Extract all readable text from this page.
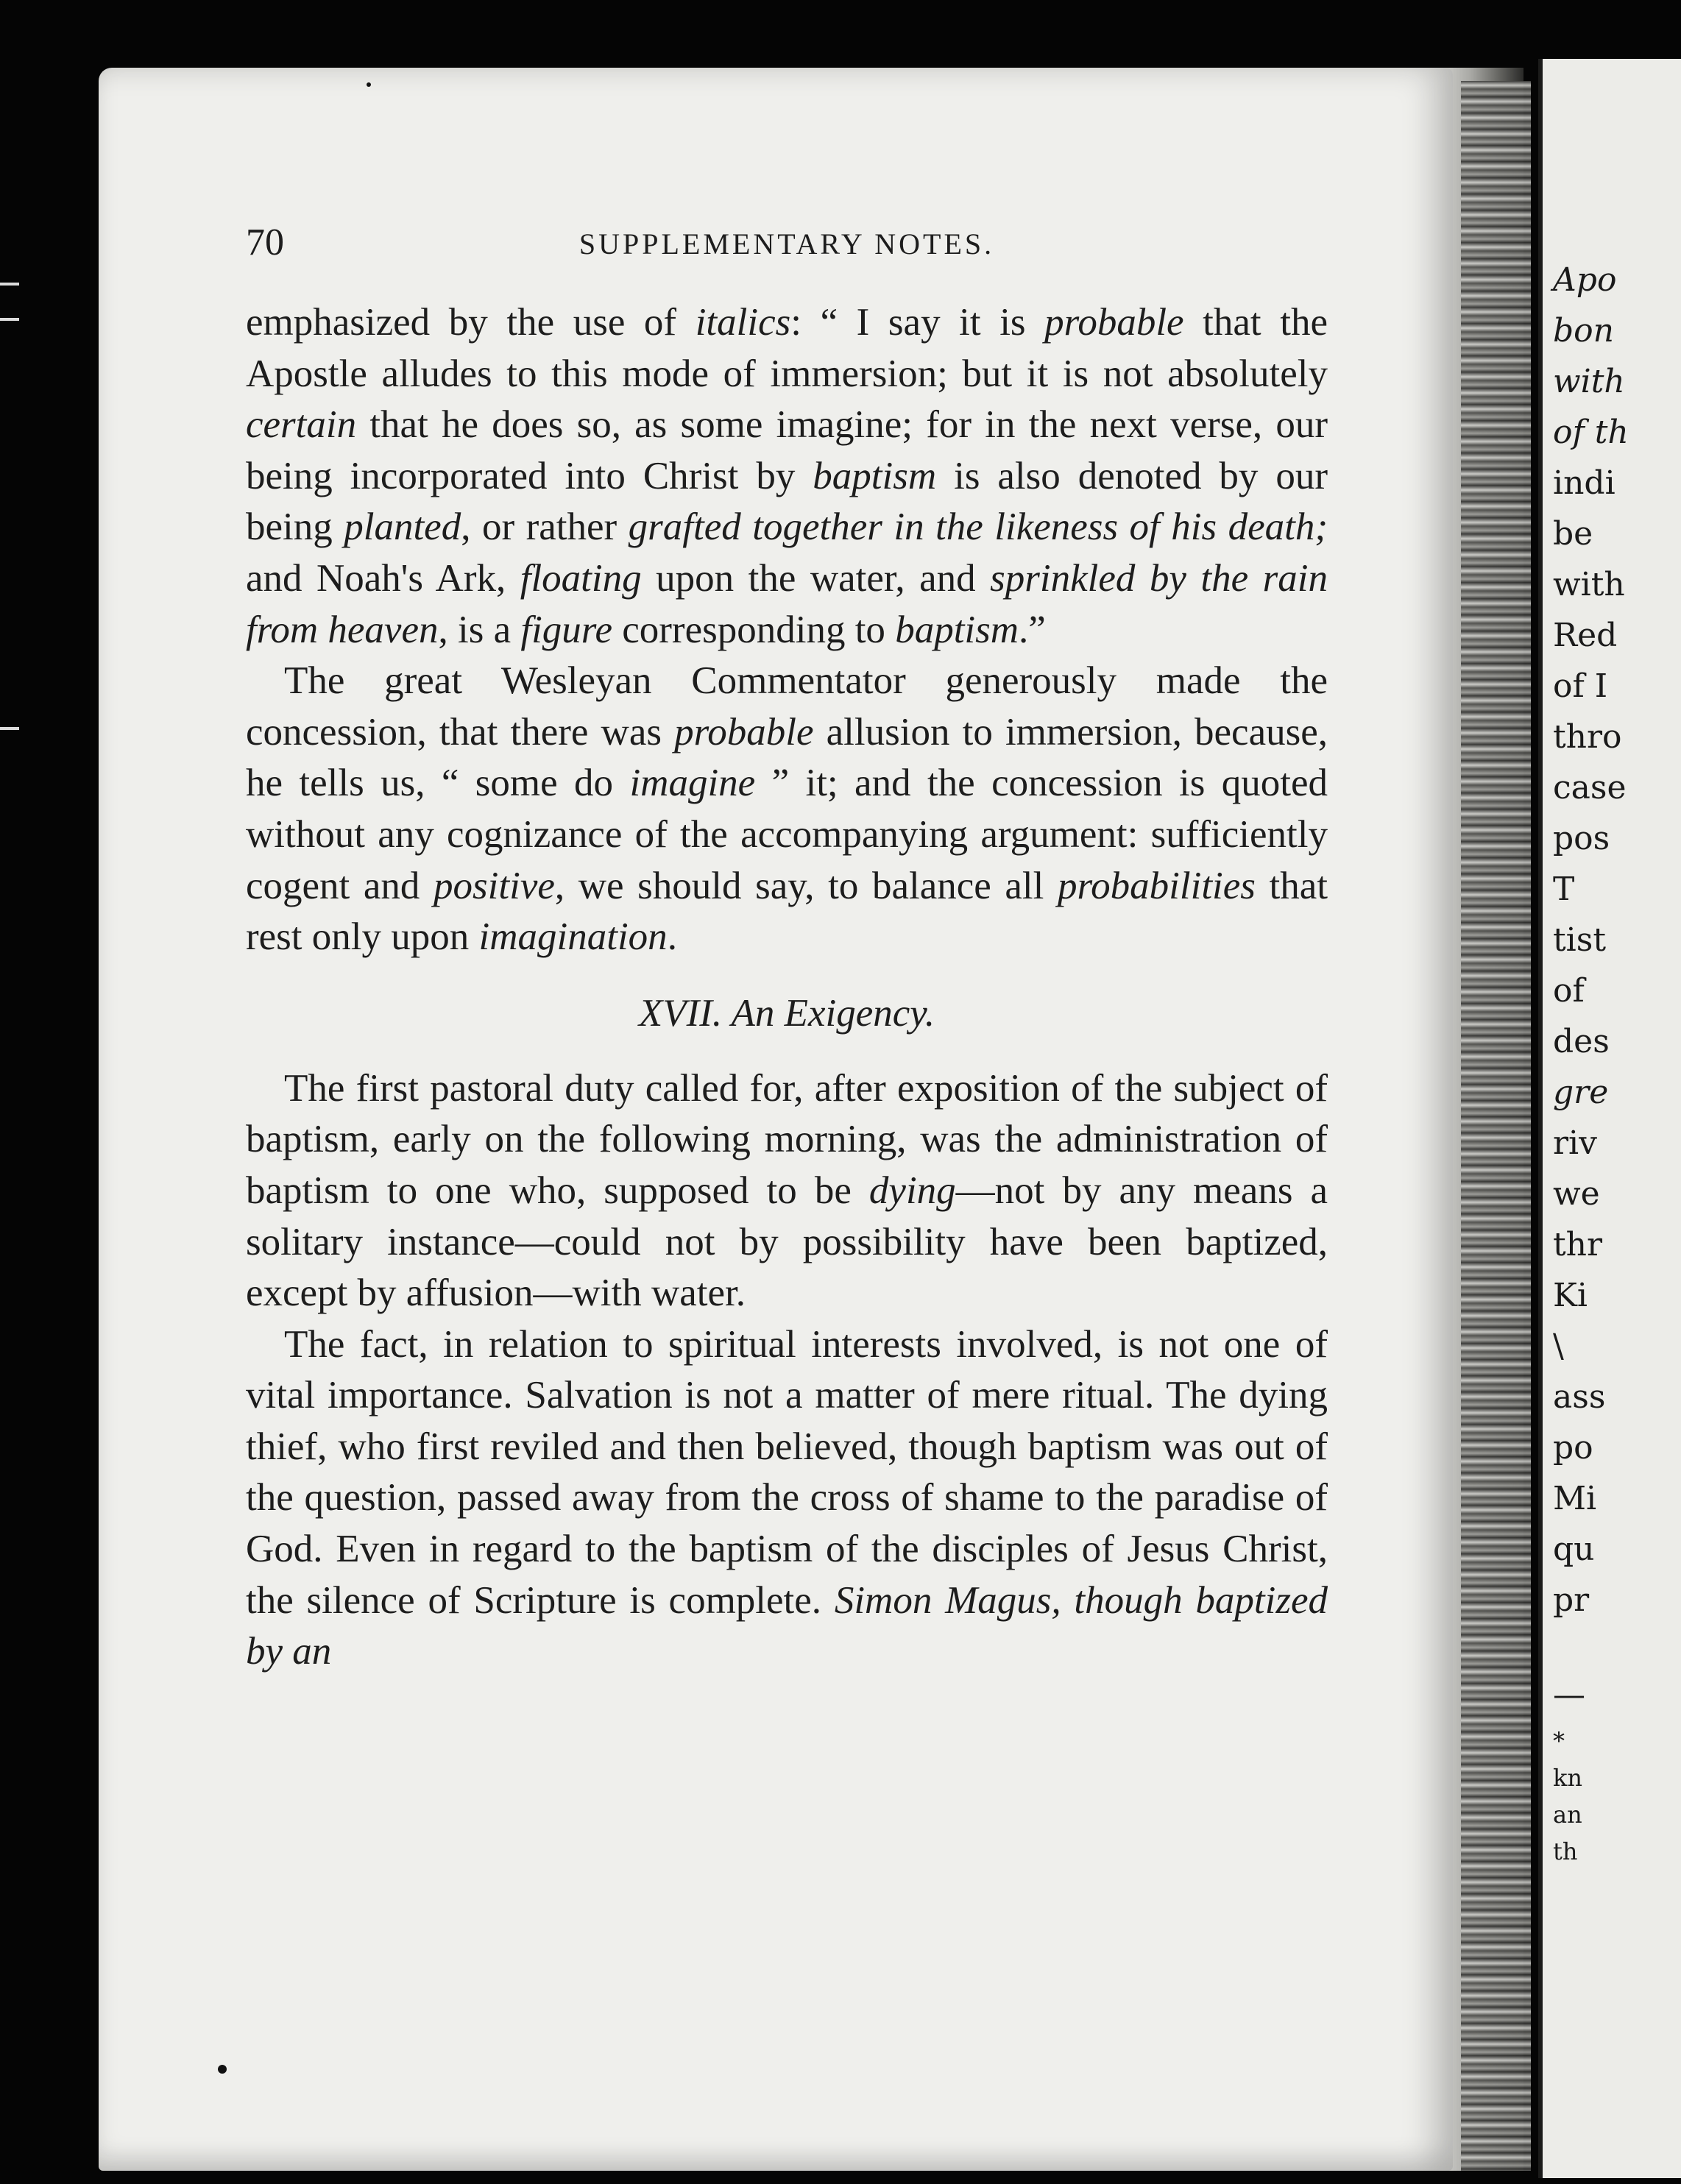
Apo
bon
with
of th
indi
be
with
Red
of I
thro
case
pos
T
tist
of
des
gre
riv
we
thr
Ki
\
ass
po
Mi
qu
pr
—
*
kn
an
th
70	SUPPLEMENTARY NOTES.

emphasized by the use of italics: “ I say it is probable that the Apostle alludes to this mode of immersion; but it is not absolutely certain that he does so, as some imagine; for in the next verse, our being incorporated into Christ by baptism is also denoted by our being planted, or rather grafted together in the likeness of his death; and Noah's Ark, floating upon the water, and sprinkled by the rain from heaven, is a figure corresponding to baptism.”

The great Wesleyan Commentator generously made the concession, that there was probable allusion to immersion, because, he tells us, “ some do imagine ” it; and the concession is quoted without any cognizance of the accompanying argument: sufficiently cogent and positive, we should say, to balance all probabilities that rest only upon imagination.

XVII. An Exigency.

The first pastoral duty called for, after exposition of the subject of baptism, early on the following morning, was the administration of baptism to one who, supposed to be dying—not by any means a solitary instance—could not by possibility have been baptized, except by affusion—with water.

The fact, in relation to spiritual interests involved, is not one of vital importance. Salvation is not a matter of mere ritual. The dying thief, who first reviled and then believed, though baptism was out of the question, passed away from the cross of shame to the paradise of God. Even in regard to the baptism of the disciples of Jesus Christ, the silence of Scripture is complete. Simon Magus, though baptized by an
